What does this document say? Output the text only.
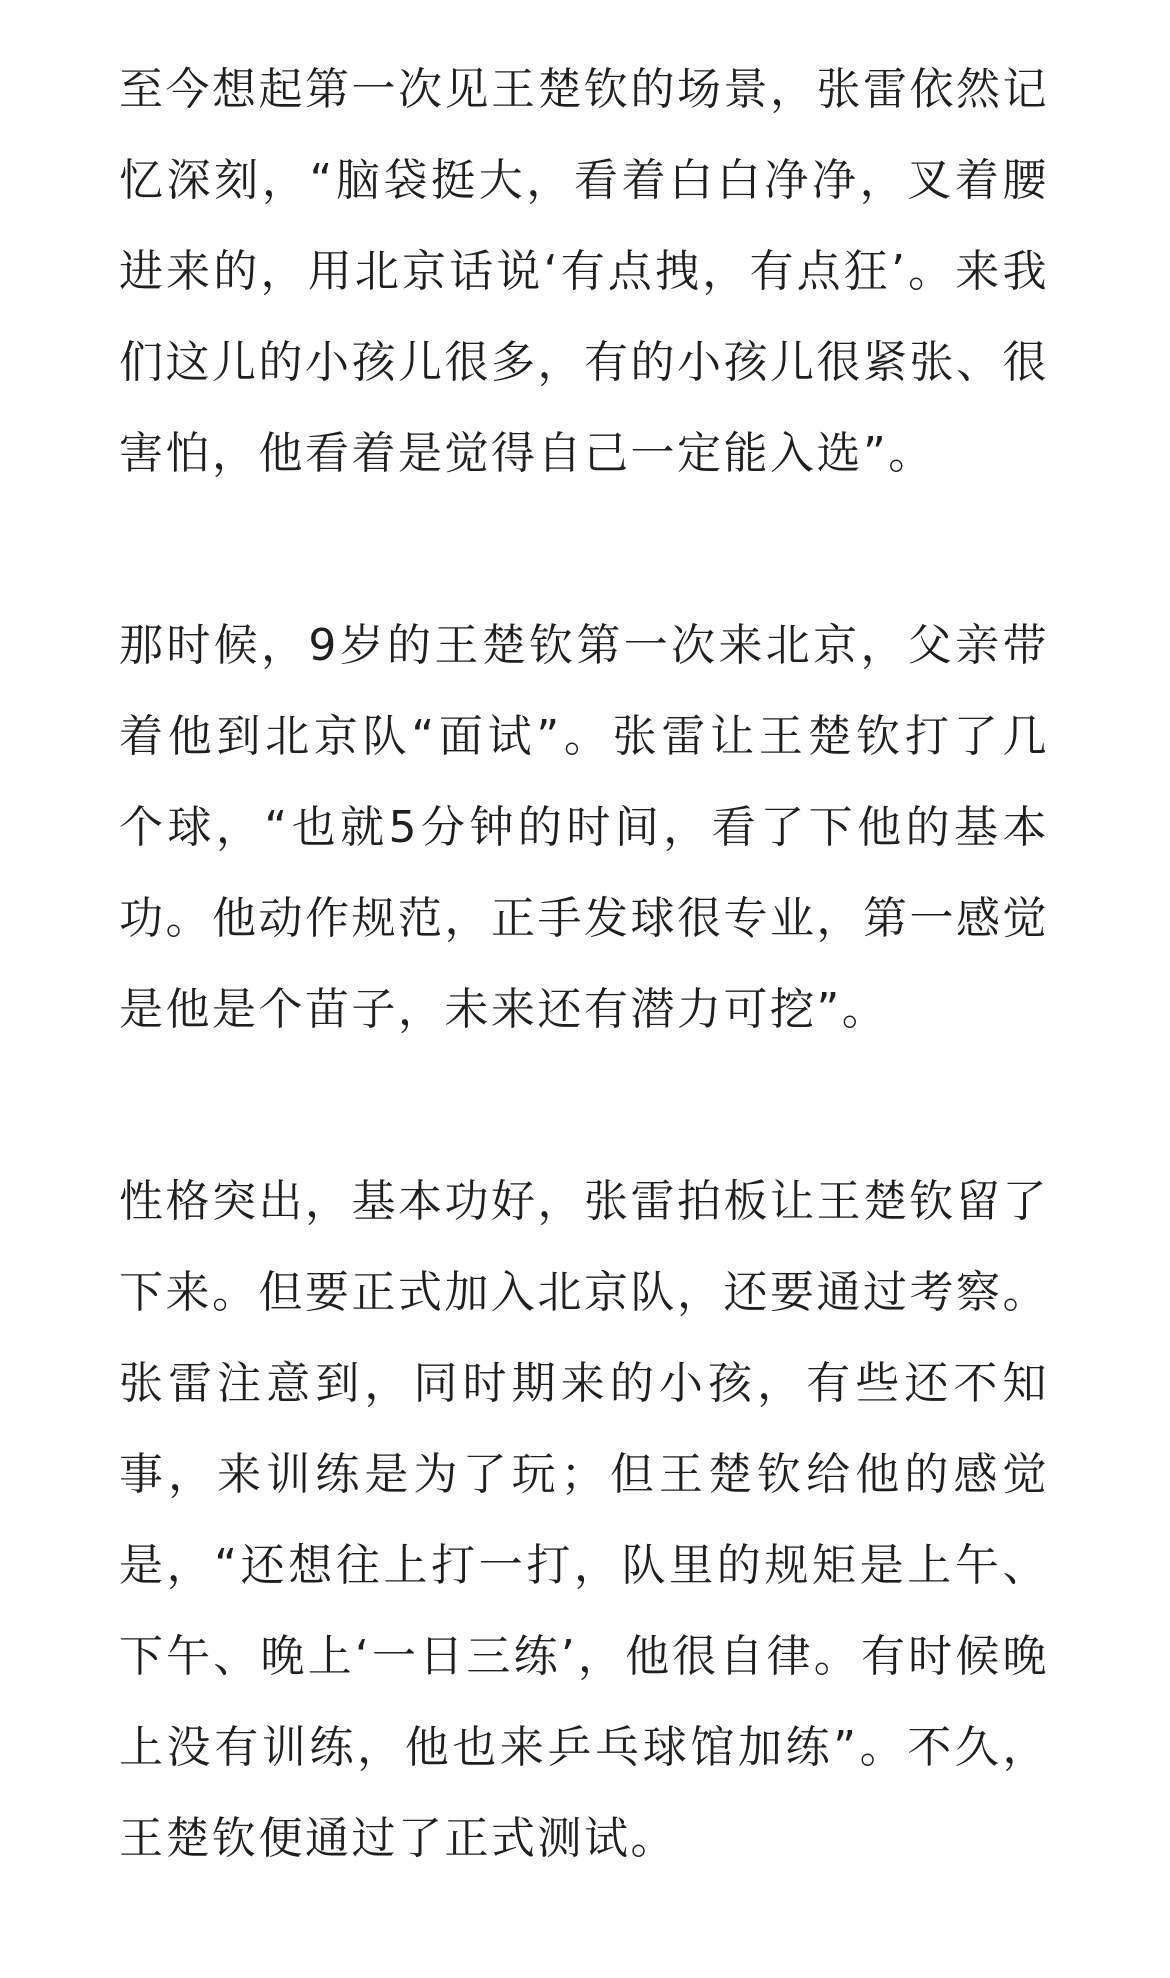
至今想起第一次见王楚钦的场景，张雷依然记忆深刻，“脑袋挺大，看着白白净净，叉着腰进来的，用北京话说‘有点拽，有点狂’。来我们这儿的小孩儿很多，有的小孩儿很紧张、很害怕，他看着是觉得自己一定能入选”。

那时候，9岁的王楚钦第一次来北京，父亲带着他到北京队“面试”。张雷让王楚钦打了几个球，“也就5分钟的时间，看了下他的基本功。他动作规范，正手发球很专业，第一感觉是他是个苗子，未来还有潜力可挖”。

性格突出，基本功好，张雷拍板让王楚钦留了下来。但要正式加入北京队，还要通过考察。张雷注意到，同时期来的小孩，有些还不知事，来训练是为了玩；但王楚钦给他的感觉是，“还想往上打一打，队里的规矩是上午、下午、晚上‘一日三练’，他很自律。有时候晚上没有训练，他也来乒乓球馆加练”。不久，王楚钦便通过了正式测试。
